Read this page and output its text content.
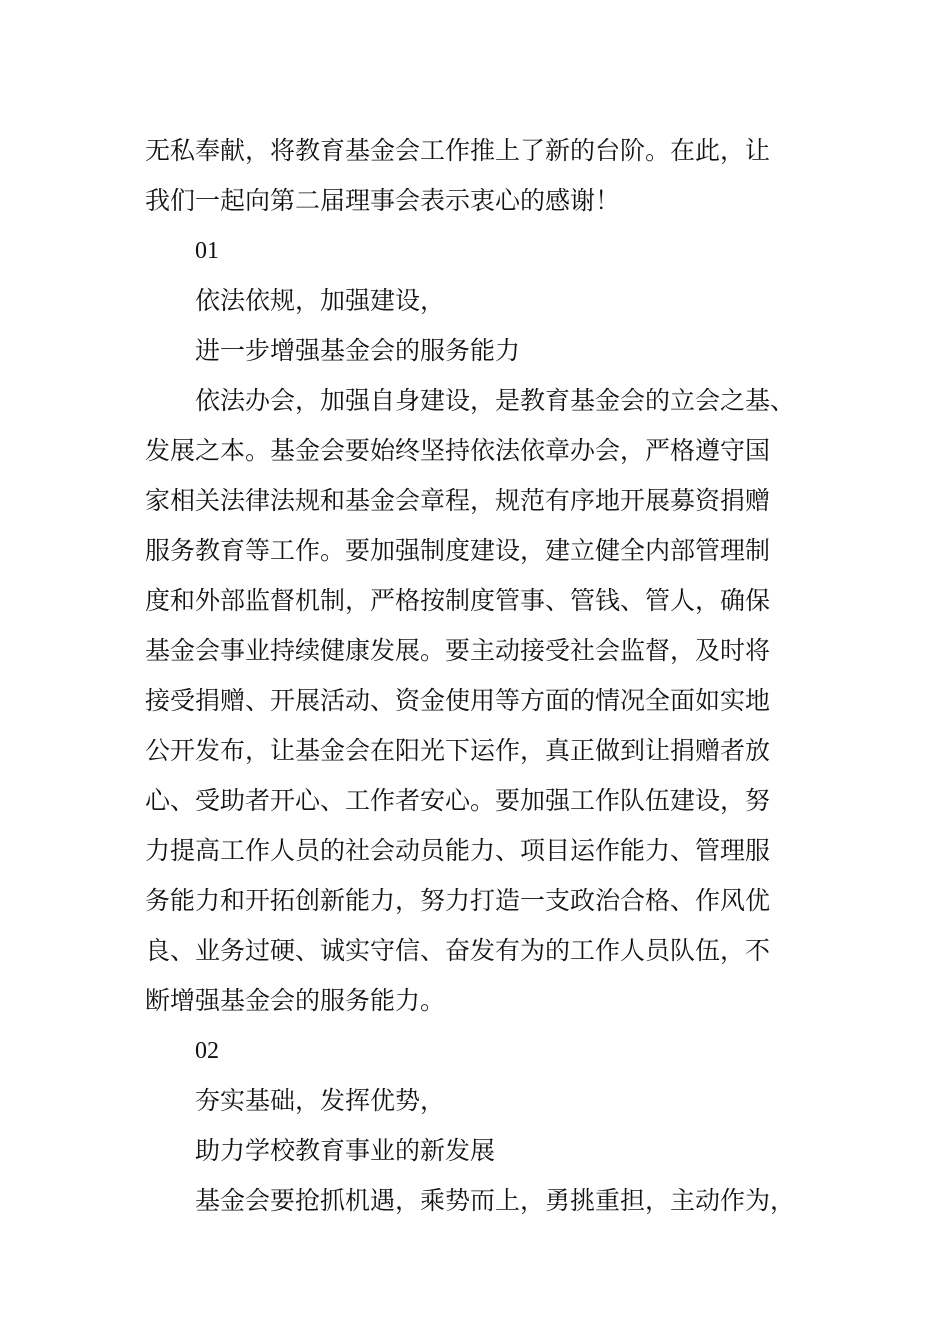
无私奉献，将教育基金会工作推上了新的台阶。在此，让
我们一起向第二届理事会表示衷心的感谢！
01
依法依规，加强建设，
进一步增强基金会的服务能力
依法办会，加强自身建设，是教育基金会的立会之基、
发展之本。基金会要始终坚持依法依章办会，严格遵守国
家相关法律法规和基金会章程，规范有序地开展募资捐赠
服务教育等工作。要加强制度建设，建立健全内部管理制
度和外部监督机制，严格按制度管事、管钱、管人，确保
基金会事业持续健康发展。要主动接受社会监督，及时将
接受捐赠、开展活动、资金使用等方面的情况全面如实地
公开发布，让基金会在阳光下运作，真正做到让捐赠者放
心、受助者开心、工作者安心。要加强工作队伍建设，努
力提高工作人员的社会动员能力、项目运作能力、管理服
务能力和开拓创新能力，努力打造一支政治合格、作风优
良、业务过硬、诚实守信、奋发有为的工作人员队伍，不
断增强基金会的服务能力。
02
夯实基础，发挥优势，
助力学校教育事业的新发展
基金会要抢抓机遇，乘势而上，勇挑重担，主动作为，
